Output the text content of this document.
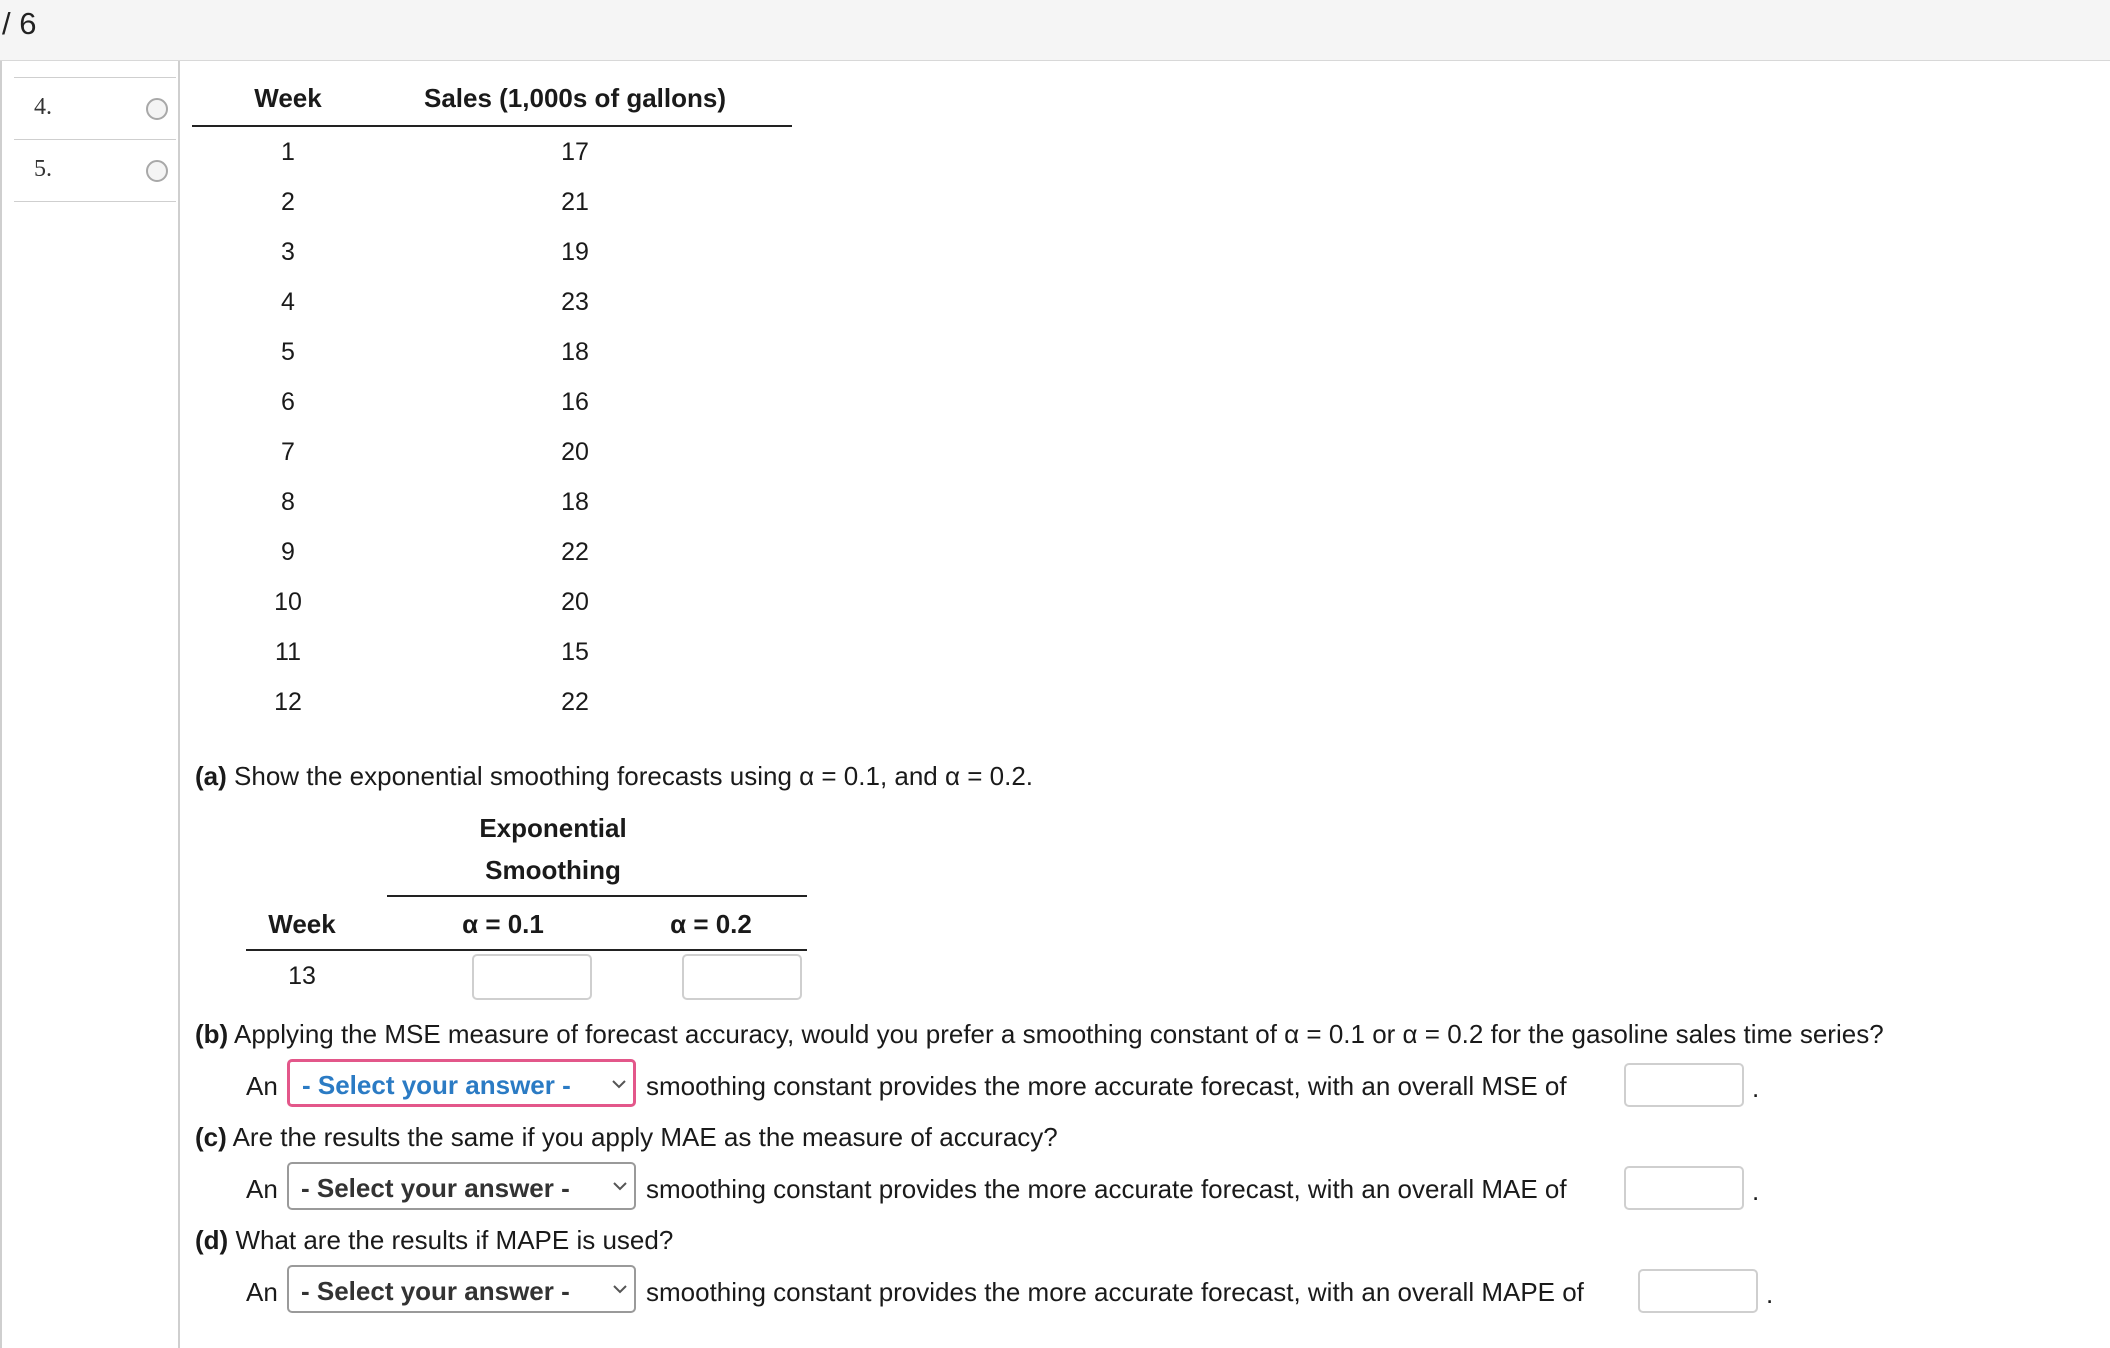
/ 6
4.
5.
Week	Sales (1,000s of gallons)
1	17
2	21
3	19
4	23
5	18
6	16
7	20
8	18
9	22
10	20
11	15
12	22
(a) Show the exponential smoothing forecasts using α = 0.1, and α = 0.2.
Exponential
Smoothing
Week	α = 0.1	α = 0.2
13
(b) Applying the MSE measure of forecast accuracy, would you prefer a smoothing constant of α = 0.1 or α = 0.2 for the gasoline sales time series?
An - Select your answer -	smoothing constant provides the more accurate forecast, with an overall MSE of	.
(c) Are the results the same if you apply MAE as the measure of accuracy?
An - Select your answer -	smoothing constant provides the more accurate forecast, with an overall MAE of	.
(d) What are the results if MAPE is used?
An - Select your answer -	smoothing constant provides the more accurate forecast, with an overall MAPE of	.
